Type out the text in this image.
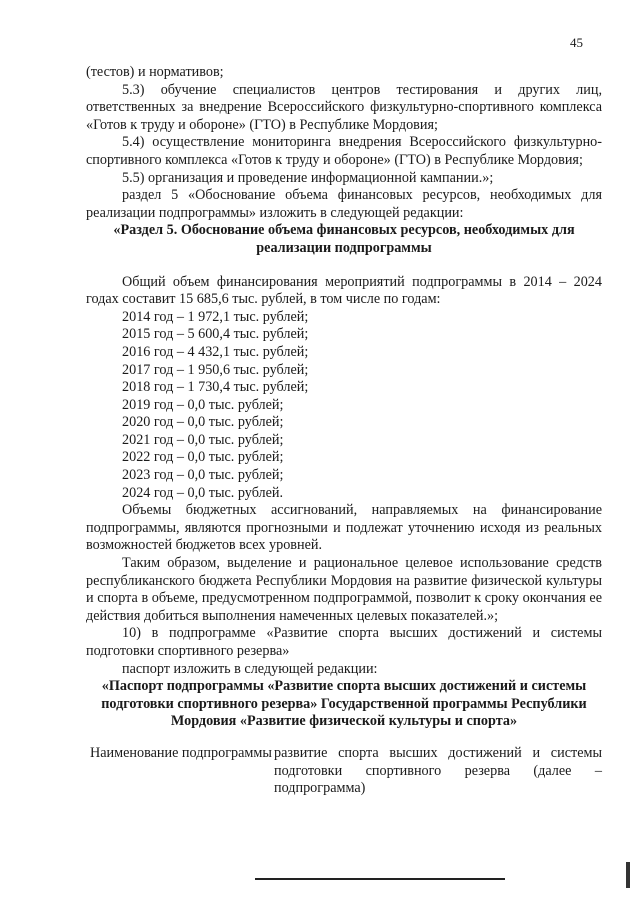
45

(тестов) и нормативов;

5.3) обучение специалистов центров тестирования и других лиц, ответственных за внедрение Всероссийского физкультурно-спортивного комплекса «Готов к труду и обороне» (ГТО) в Республике Мордовия;

5.4) осуществление мониторинга внедрения Всероссийского физкультурно-спортивного комплекса «Готов к труду и обороне» (ГТО) в Республике Мордовия;

5.5) организация и проведение информационной кампании.»;

раздел 5 «Обоснование объема финансовых ресурсов, необходимых для реализации подпрограммы» изложить в следующей редакции:

«Раздел 5. Обоснование объема финансовых ресурсов, необходимых для реализации подпрограммы

Общий объем финансирования мероприятий подпрограммы в 2014 – 2024 годах составит 15 685,6 тыс. рублей, в том числе по годам:

2014 год – 1 972,1 тыс. рублей;
2015 год – 5 600,4 тыс. рублей;
2016 год – 4 432,1 тыс. рублей;
2017 год – 1 950,6 тыс. рублей;
2018 год – 1 730,4 тыс. рублей;
2019 год – 0,0 тыс. рублей;
2020 год – 0,0 тыс. рублей;
2021 год – 0,0 тыс. рублей;
2022 год – 0,0 тыс. рублей;
2023 год – 0,0 тыс. рублей;
2024 год – 0,0 тыс. рублей.

Объемы бюджетных ассигнований, направляемых на финансирование подпрограммы, являются прогнозными и подлежат уточнению исходя из реальных возможностей бюджетов всех уровней.

Таким образом, выделение и рациональное целевое использование средств республиканского бюджета Республики Мордовия на развитие физической культуры и спорта в объеме, предусмотренном подпрограммой, позволит к сроку окончания ее действия добиться выполнения намеченных целевых показателей.»;

10) в подпрограмме «Развитие спорта высших достижений и системы подготовки спортивного резерва»

паспорт изложить в следующей редакции:

«Паспорт подпрограммы «Развитие спорта высших достижений и системы подготовки спортивного резерва» Государственной программы Республики Мордовия «Развитие физической культуры и спорта»

Наименование подпрограммы развитие спорта высших достижений и системы подготовки спортивного резерва (далее – подпрограмма)
